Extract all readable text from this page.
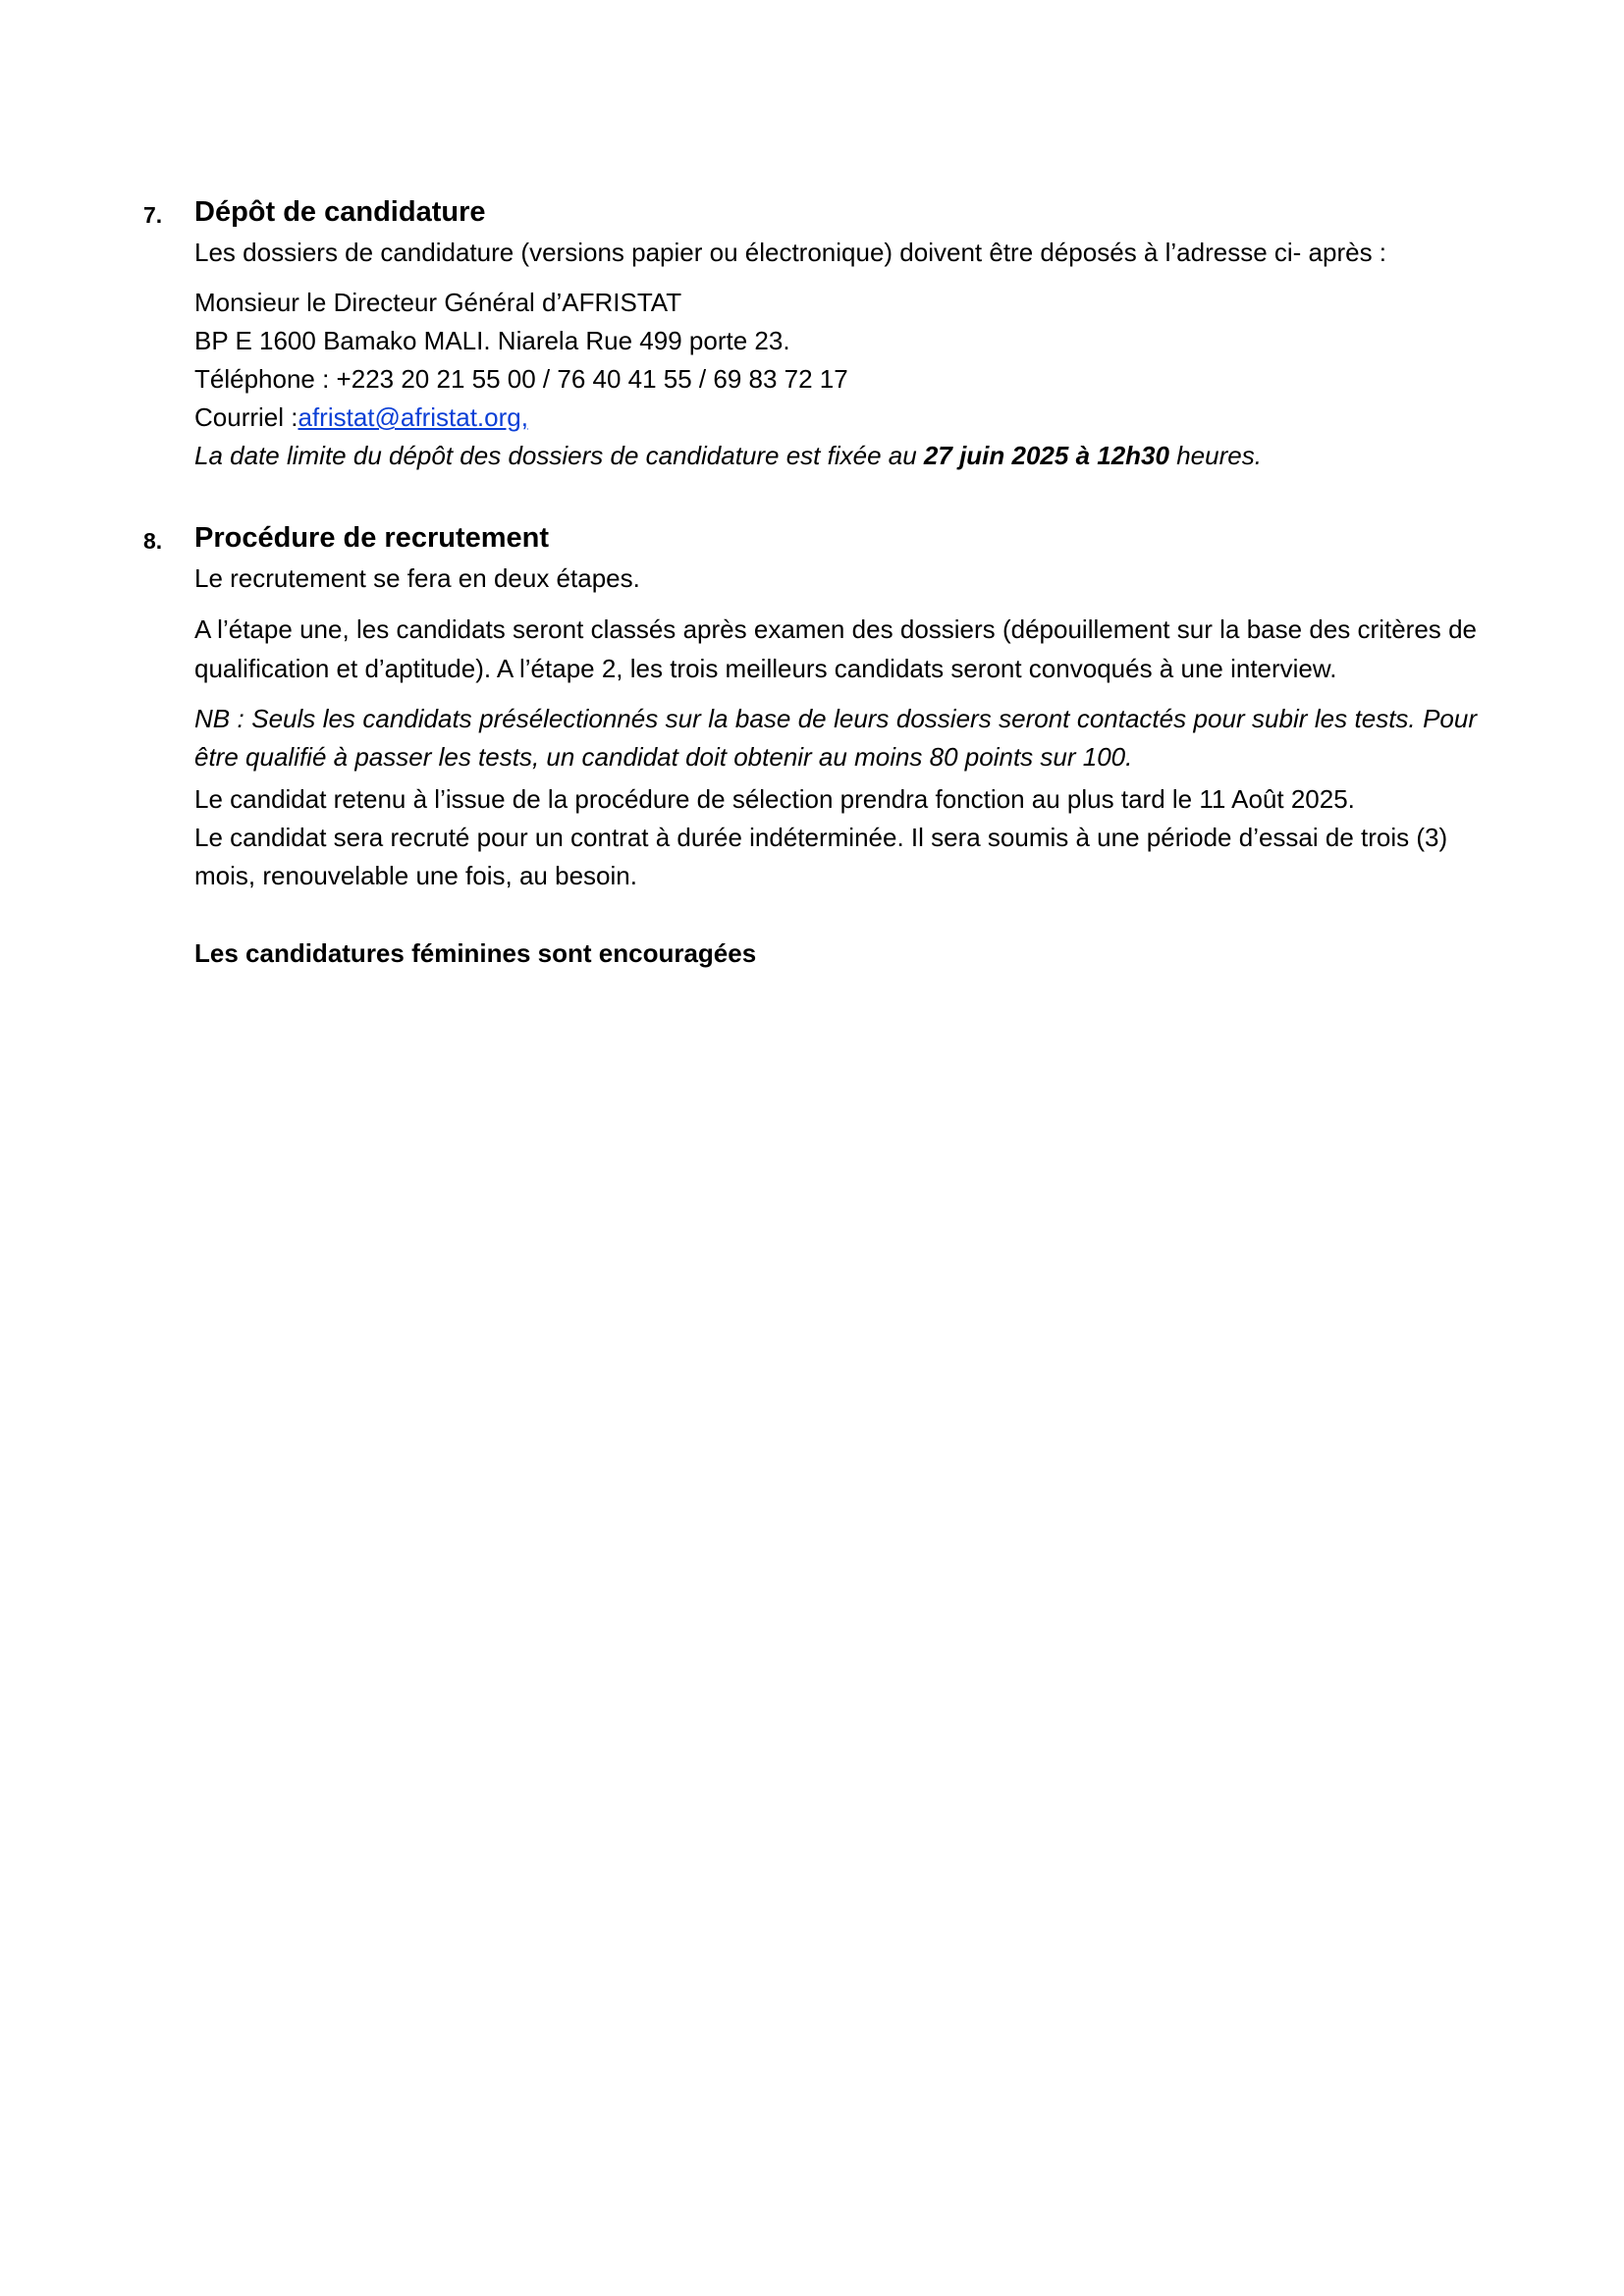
7. Dépôt de candidature
Les dossiers de candidature (versions papier ou électronique) doivent être déposés à l’adresse ci- après :
Monsieur le Directeur Général d’AFRISTAT
BP E 1600 Bamako MALI. Niarela Rue 499 porte 23.
Téléphone : +223 20 21 55 00 / 76 40 41 55 / 69 83 72 17
Courriel :afristat@afristat.org,
La date limite du dépôt des dossiers de candidature est fixée au 27 juin 2025 à 12h30 heures.
8. Procédure de recrutement
Le recrutement se fera en deux étapes.
A l’étape une, les candidats seront classés après examen des dossiers (dépouillement sur la base des critères de qualification et d’aptitude). A l’étape 2, les trois meilleurs candidats seront convoqués à une interview.
NB : Seuls les candidats présélectionnés sur la base de leurs dossiers seront contactés pour subir les tests. Pour être qualifié à passer les tests, un candidat doit obtenir au moins 80 points sur 100.
Le candidat retenu à l’issue de la procédure de sélection prendra fonction au plus tard le 11 Août 2025.
Le candidat sera recruté pour un contrat à durée indéterminée. Il sera soumis à une période d’essai de trois (3) mois, renouvelable une fois, au besoin.
Les candidatures féminines sont encouragées
